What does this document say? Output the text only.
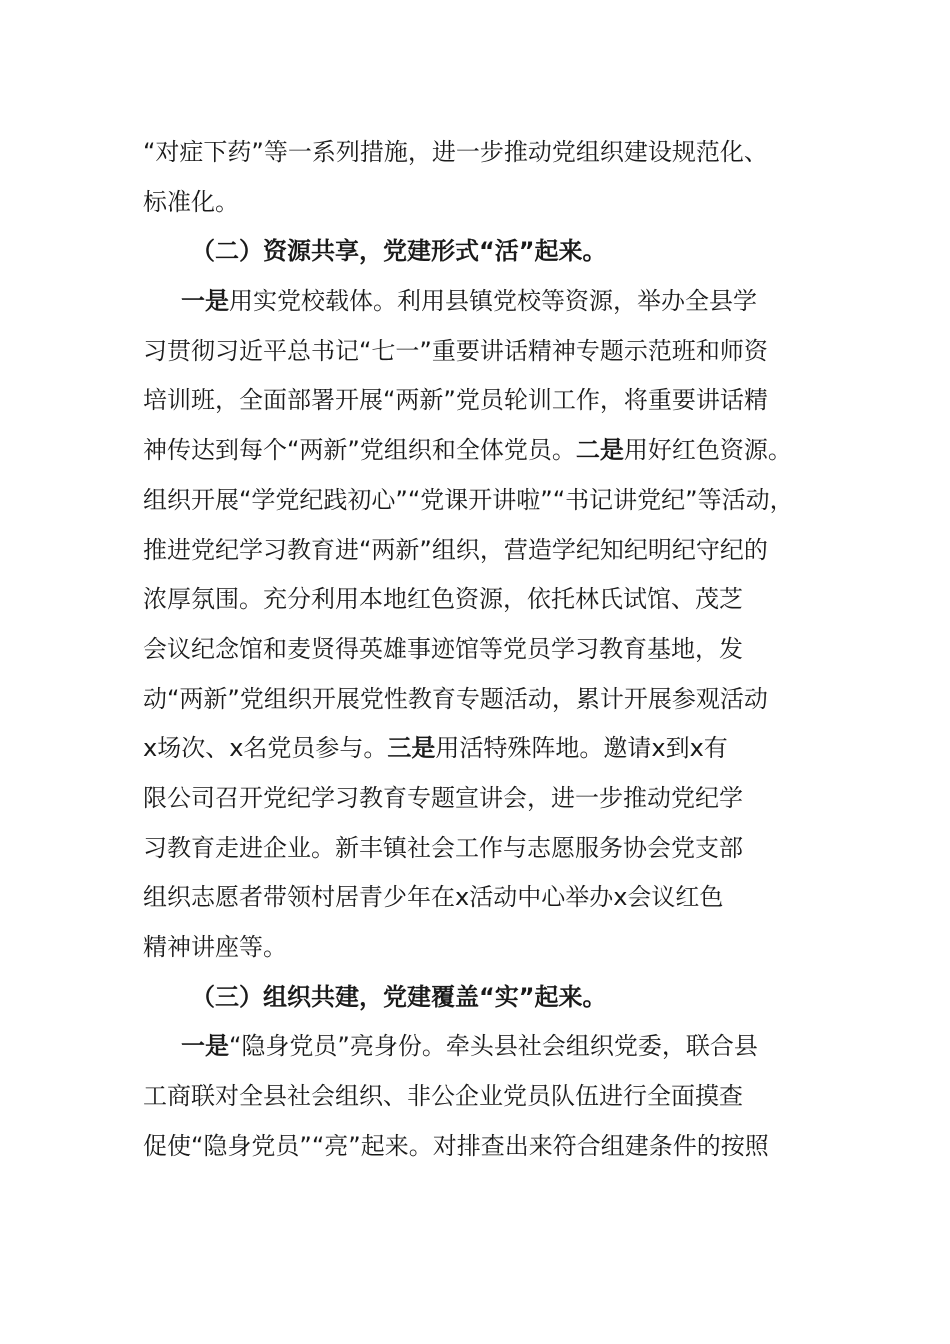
“对症下药”等一系列措施，进一步推动党组织建设规范化、
标准化。
（二）资源共享，党建形式“活”起来。
一是用实党校载体。利用县镇党校等资源，举办全县学
习贯彻习近平总书记“七一”重要讲话精神专题示范班和师资
培训班，全面部署开展“两新”党员轮训工作，将重要讲话精
神传达到每个“两新”党组织和全体党员。二是用好红色资源。
组织开展“学党纪践初心”“党课开讲啦”“书记讲党纪”等活动，
推进党纪学习教育进“两新”组织，营造学纪知纪明纪守纪的
浓厚氛围。充分利用本地红色资源，依托林氏试馆、茂芝
会议纪念馆和麦贤得英雄事迹馆等党员学习教育基地，发
动“两新”党组织开展党性教育专题活动，累计开展参观活动
x场次、x名党员参与。三是用活特殊阵地。邀请x到x有
限公司召开党纪学习教育专题宣讲会，进一步推动党纪学
习教育走进企业。新丰镇社会工作与志愿服务协会党支部
组织志愿者带领村居青少年在x活动中心举办x会议红色
精神讲座等。
（三）组织共建，党建覆盖“实”起来。
一是“隐身党员”亮身份。牵头县社会组织党委，联合县
工商联对全县社会组织、非公企业党员队伍进行全面摸查
促使“隐身党员”“亮”起来。对排查出来符合组建条件的按照
